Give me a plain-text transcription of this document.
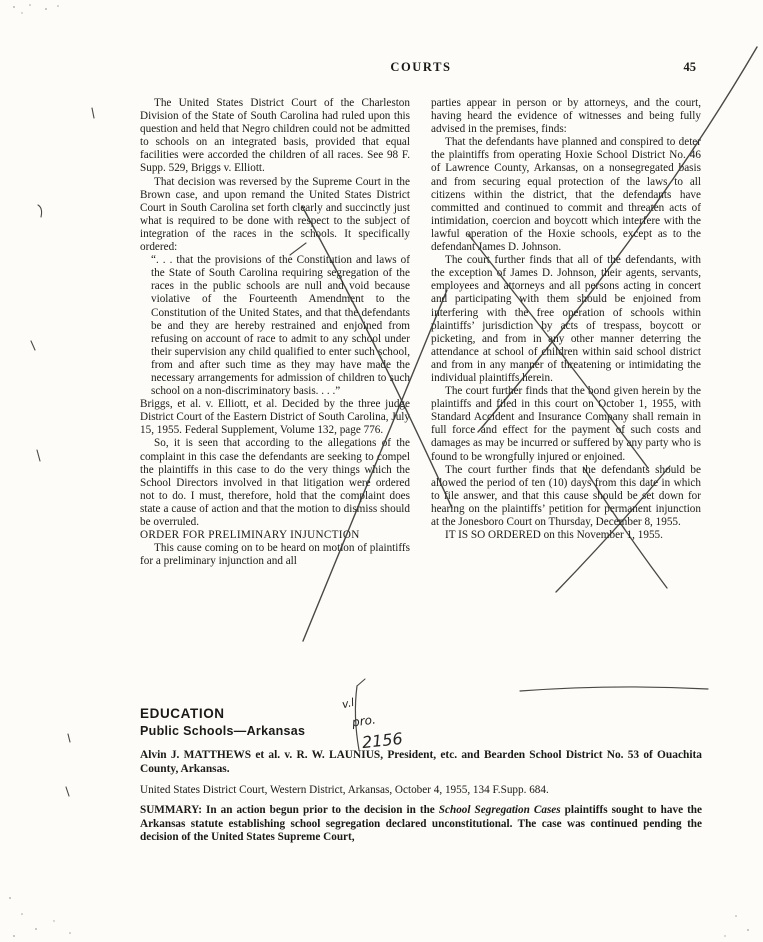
COURTS	45

The United States District Court of the Charleston Division of the State of South Carolina had ruled upon this question and held that Negro children could not be admitted to schools on an integrated basis, provided that equal facilities were accorded the children of all races. See 98 F. Supp. 529, Briggs v. Elliott.

That decision was reversed by the Supreme Court in the Brown case, and upon remand the United States District Court in South Carolina set forth clearly and succinctly just what is required to be done with respect to the subject of integration of the races in the schools. It specifically ordered:

“. . . that the provisions of the Constitution and laws of the State of South Carolina requiring segregation of the races in the public schools are null and void because violative of the Fourteenth Amendment to the Constitution of the United States, and that the defendants be and they are hereby restrained and enjoined from refusing on account of race to admit to any school under their supervision any child qualified to enter such school, from and after such time as they may have made the necessary arrangements for admission of children to such school on a non-discriminatory basis. . . .”

Briggs, et al. v. Elliott, et al. Decided by the three judge District Court of the Eastern District of South Carolina, July 15, 1955. Federal Supplement, Volume 132, page 776.

So, it is seen that according to the allegations of the complaint in this case the defendants are seeking to compel the plaintiffs in this case to do the very things which the School Directors involved in that litigation were ordered not to do. I must, therefore, hold that the complaint does state a cause of action and that the motion to dismiss should be overruled.

ORDER FOR PRELIMINARY INJUNCTION

This cause coming on to be heard on motion of plaintiffs for a preliminary injunction and all

parties appear in person or by attorneys, and the court, having heard the evidence of witnesses and being fully advised in the premises, finds:

That the defendants have planned and conspired to deter the plaintiffs from operating Hoxie School District No. 46 of Lawrence County, Arkansas, on a nonsegregated basis and from securing equal protection of the laws to all citizens within the district, that the defendants have committed and continued to commit and threaten acts of intimidation, coercion and boycott which interfere with the lawful operation of the Hoxie schools, except as to the defendant James D. Johnson.

The court further finds that all of the defendants, with the exception of James D. Johnson, their agents, servants, employees and attorneys and all persons acting in concert and participating with them should be enjoined from interfering with the free operation of schools within plaintiffs’ jurisdiction by acts of trespass, boycott or picketing, and from in any other manner deterring the attendance at school of children within said school district and from in any manner of threatening or intimidating the individual plaintiffs herein.

The court further finds that the bond given herein by the plaintiffs and filed in this court on October 1, 1955, with Standard Accident and Insurance Company shall remain in full force and effect for the payment of such costs and damages as may be incurred or suffered by any party who is found to be wrongfully injured or enjoined.

The court further finds that the defendants should be allowed the period of ten (10) days from this date in which to file answer, and that this cause should be set down for hearing on the plaintiffs’ petition for permanent injunction at the Jonesboro Court on Thursday, December 8, 1955.

IT IS SO ORDERED on this November 1, 1955.

EDUCATION
Public Schools—Arkansas

Alvin J. MATTHEWS et al. v. R. W. LAUNIUS, President, etc. and Bearden School District No. 53 of Ouachita County, Arkansas.

United States District Court, Western District, Arkansas, October 4, 1955, 134 F.Supp. 684.

SUMMARY: In an action begun prior to the decision in the School Segregation Cases plaintiffs sought to have the Arkansas statute establishing school segregation declared unconstitutional. The case was continued pending the decision of the United States Supreme Court,

v.l
pro.
2156
